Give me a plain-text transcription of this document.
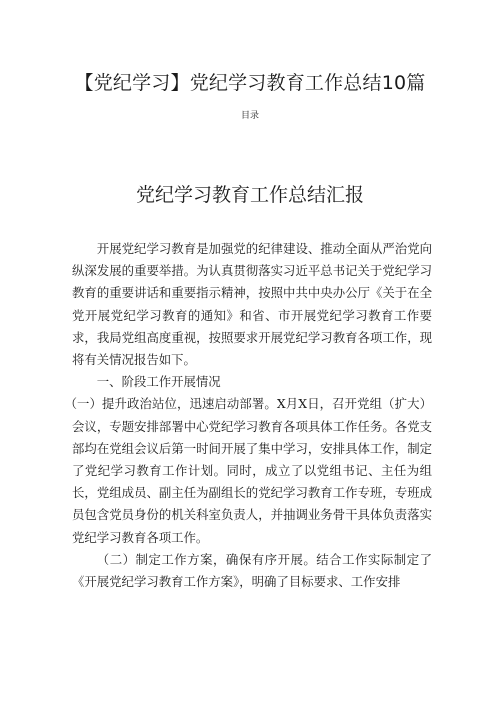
【党纪学习】党纪学习教育工作总结10篇
目录
党纪学习教育工作总结汇报

开展党纪学习教育是加强党的纪律建设、推动全面从严治党向纵深发展的重要举措。为认真贯彻落实习近平总书记关于党纪学习教育的重要讲话和重要指示精神，按照中共中央办公厅《关于在全党开展党纪学习教育的通知》和省、市开展党纪学习教育工作要求，我局党组高度重视，按照要求开展党纪学习教育各项工作，现将有关情况报告如下。

一、阶段工作开展情况

（一）提升政治站位，迅速启动部署。X月X日，召开党组（扩大）会议，专题安排部署中心党纪学习教育各项具体工作任务。各党支部均在党组会议后第一时间开展了集中学习，安排具体工作，制定了党纪学习教育工作计划。同时，成立了以党组书记、主任为组长，党组成员、副主任为副组长的党纪学习教育工作专班，专班成员包含党员身份的机关科室负责人，并抽调业务骨干具体负责落实党纪学习教育各项工作。

（二）制定工作方案，确保有序开展。结合工作实际制定了《开展党纪学习教育工作方案》，明确了目标要求、工作安排
